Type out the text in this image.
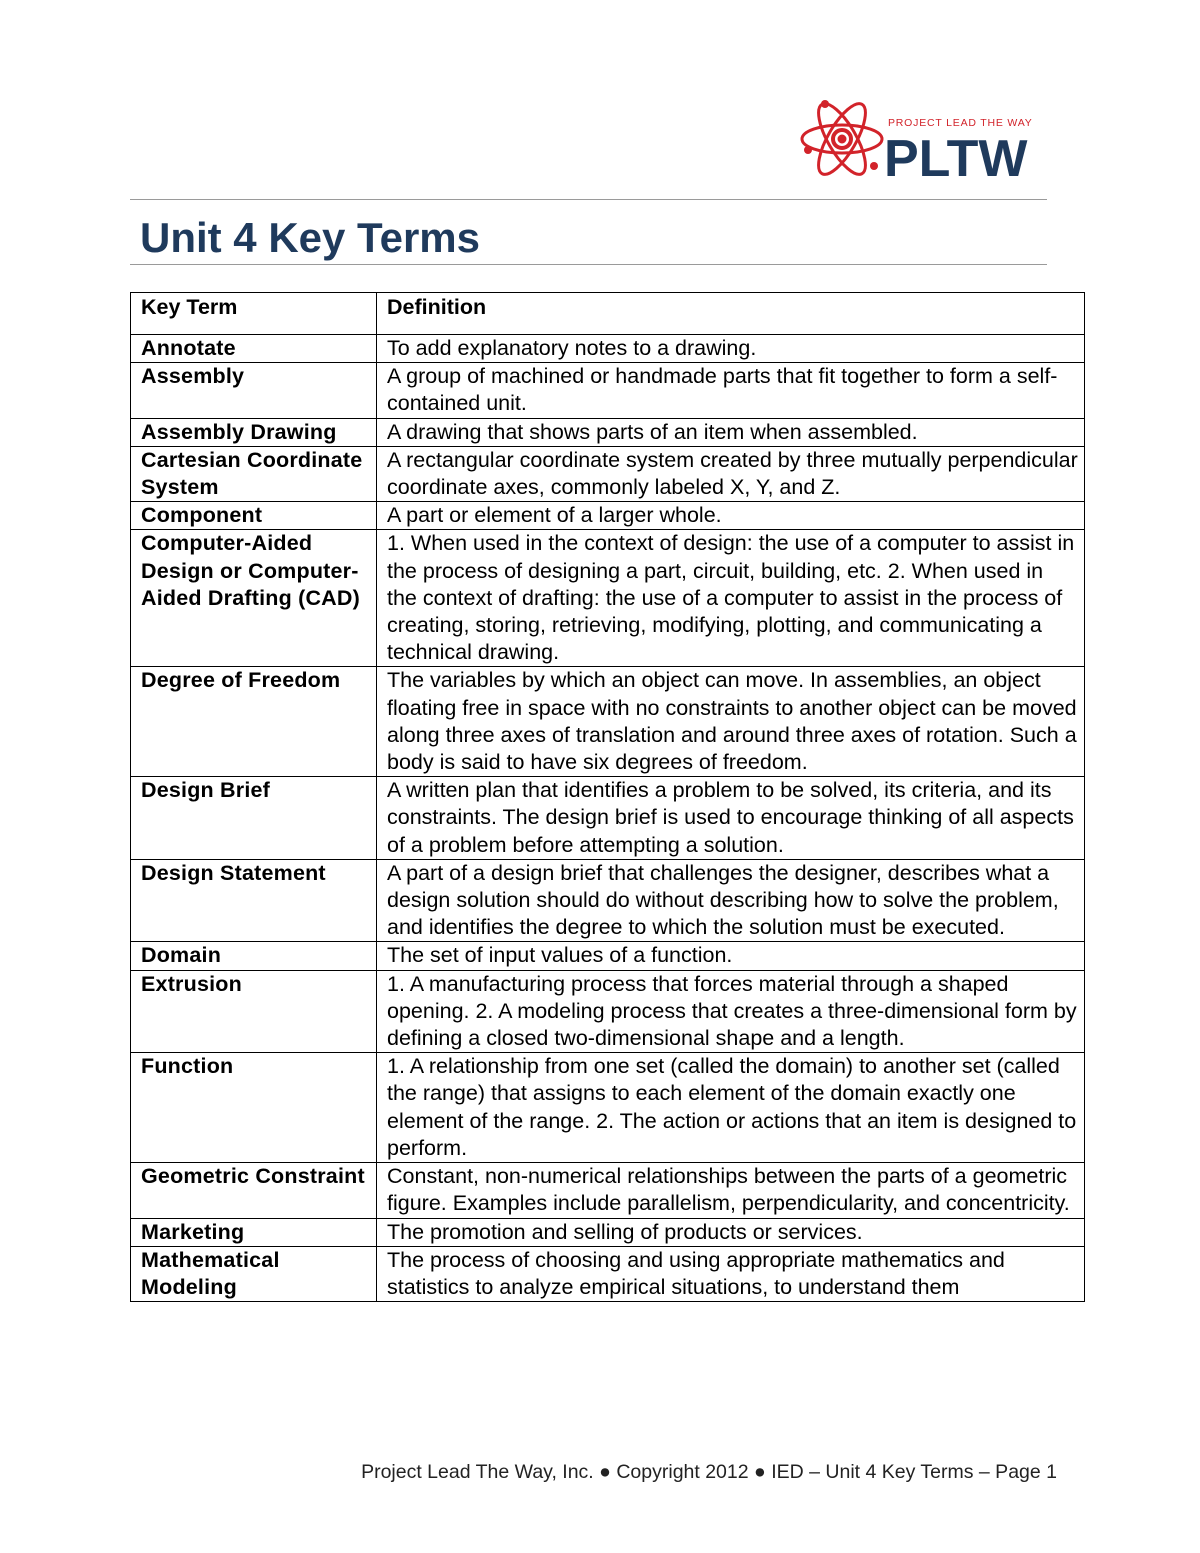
PROJECT LEAD THE WAY
PLTW
Unit 4 Key Terms
Key Term	Definition
Annotate	To add explanatory notes to a drawing.
Assembly	A group of machined or handmade parts that fit together to form a self-contained unit.
Assembly Drawing	A drawing that shows parts of an item when assembled.
Cartesian Coordinate System	A rectangular coordinate system created by three mutually perpendicular coordinate axes, commonly labeled X, Y, and Z.
Component	A part or element of a larger whole.
Computer-Aided Design or Computer-Aided Drafting (CAD)	1. When used in the context of design: the use of a computer to assist in the process of designing a part, circuit, building, etc. 2. When used in the context of drafting: the use of a computer to assist in the process of creating, storing, retrieving, modifying, plotting, and communicating a technical drawing.
Degree of Freedom	The variables by which an object can move. In assemblies, an object floating free in space with no constraints to another object can be moved along three axes of translation and around three axes of rotation. Such a body is said to have six degrees of freedom.
Design Brief	A written plan that identifies a problem to be solved, its criteria, and its constraints. The design brief is used to encourage thinking of all aspects of a problem before attempting a solution.
Design Statement	A part of a design brief that challenges the designer, describes what a design solution should do without describing how to solve the problem, and identifies the degree to which the solution must be executed.
Domain	The set of input values of a function.
Extrusion	1. A manufacturing process that forces material through a shaped opening. 2. A modeling process that creates a three-dimensional form by defining a closed two-dimensional shape and a length.
Function	1. A relationship from one set (called the domain) to another set (called the range) that assigns to each element of the domain exactly one element of the range. 2. The action or actions that an item is designed to perform.
Geometric Constraint	Constant, non-numerical relationships between the parts of a geometric figure. Examples include parallelism, perpendicularity, and concentricity.
Marketing	The promotion and selling of products or services.
Mathematical Modeling	The process of choosing and using appropriate mathematics and statistics to analyze empirical situations, to understand them
Project Lead The Way, Inc. ● Copyright 2012 ● IED – Unit 4 Key Terms – Page 1
